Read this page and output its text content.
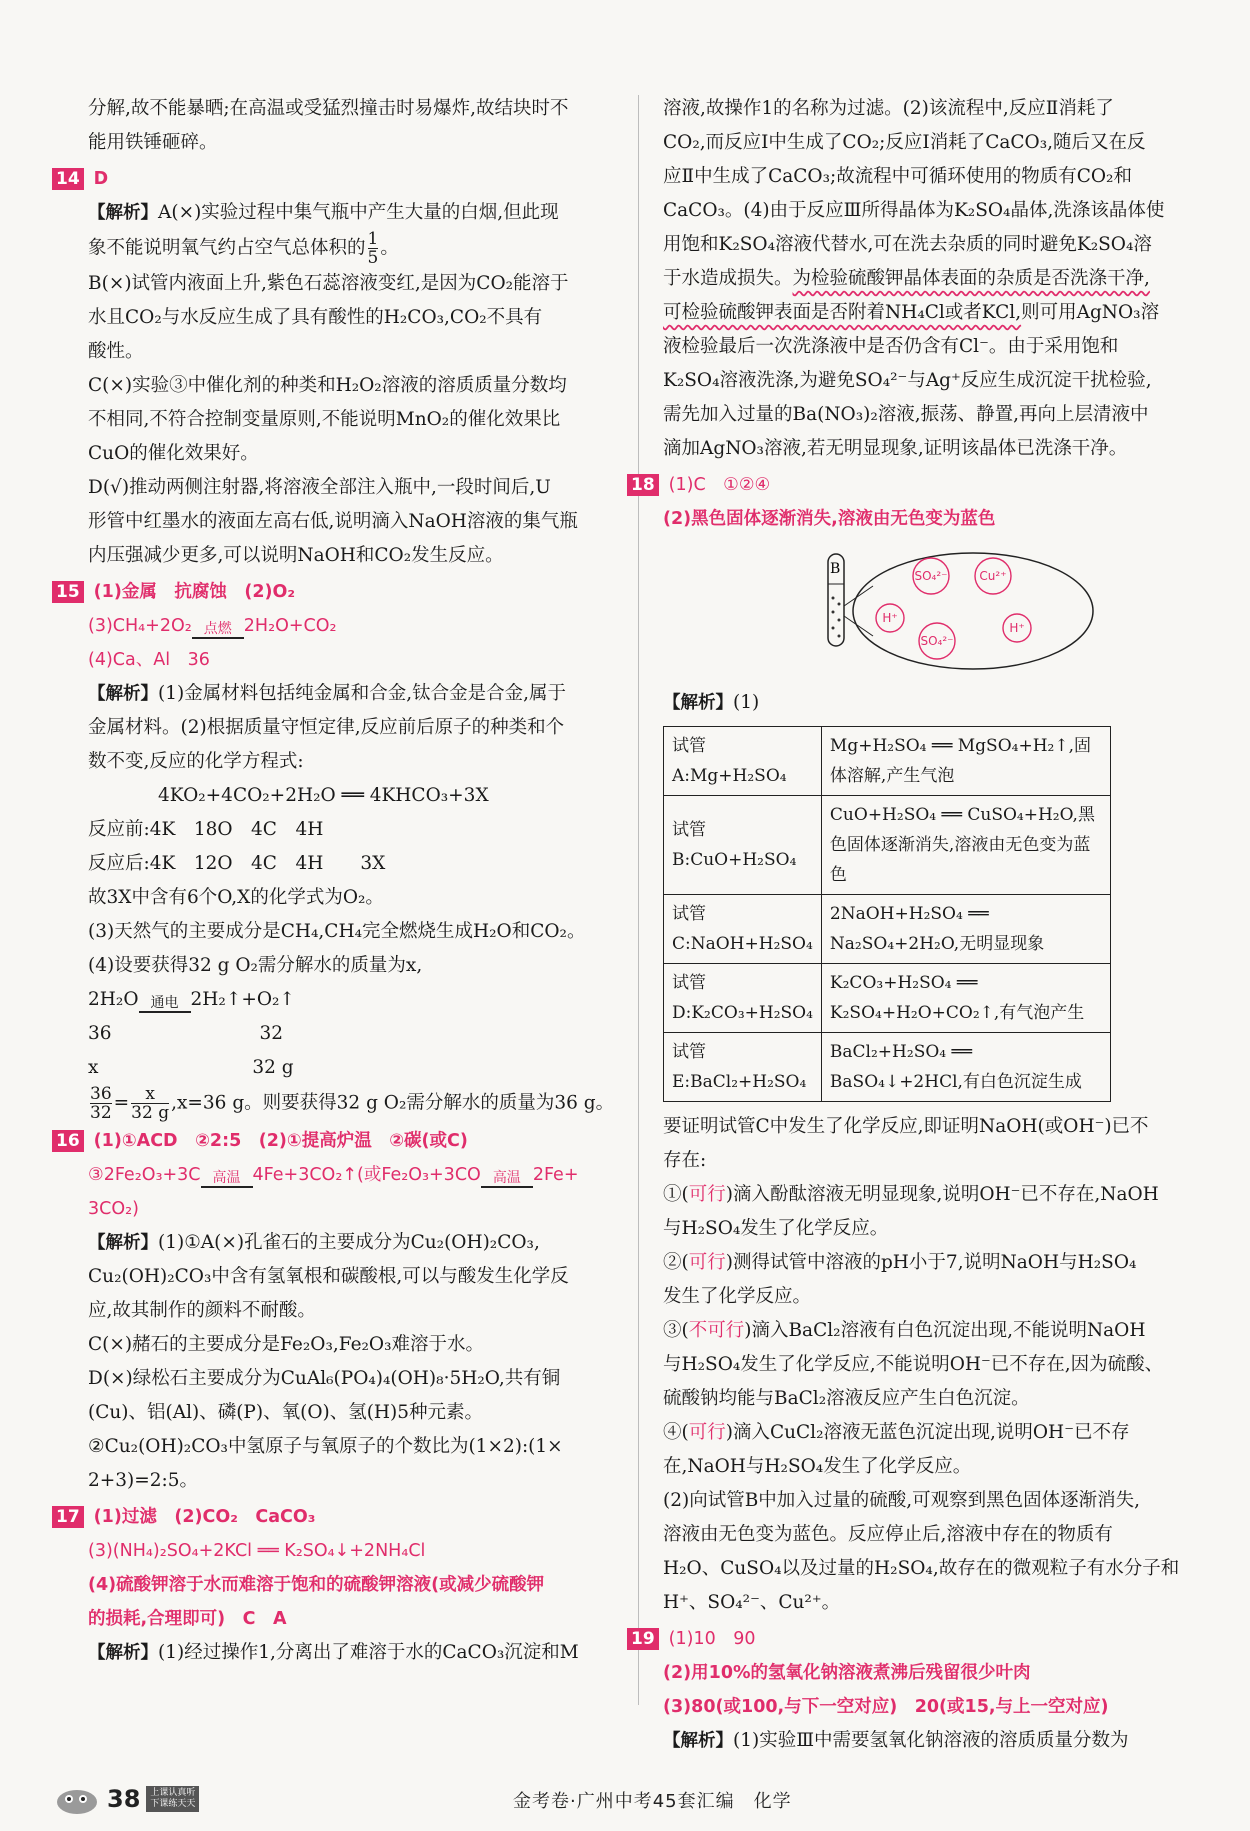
分解,故不能暴晒;在高温或受猛烈撞击时易爆炸,故结块时不

能用铁锤砸碎。

14 D

【解析】A(×)实验过程中集气瓶中产生大量的白烟,但此现

象不能说明氧气约占空气总体积的 $\frac{1}{5}$ 。

B(×)试管内液面上升,紫色石蕊溶液变红,是因为CO₂能溶于

水且CO₂与水反应生成了具有酸性的H₂CO₃,CO₂不具有

酸性。

C(×)实验③中催化剂的种类和H₂O₂溶液的溶质质量分数均

不相同,不符合控制变量原则,不能说明MnO₂的催化效果比

CuO的催化效果好。

D(√)推动两侧注射器,将溶液全部注入瓶中,一段时间后,U

形管中红墨水的液面左高右低,说明滴入NaOH溶液的集气瓶

内压强减少更多,可以说明NaOH和CO₂发生反应。

15 (1)金属　抗腐蚀　(2)O₂

(3)CH₄+2O₂ 点燃 2H₂O+CO₂

(4)Ca、Al　36

【解析】(1)金属材料包括纯金属和合金,钛合金是合金,属于

金属材料。(2)根据质量守恒定律,反应前后原子的种类和个

数不变,反应的化学方程式:

4KO₂+4CO₂+2H₂O ══ 4KHCO₃+3X

反应前:4K　18O　4C　4H

反应后:4K　12O　4C　4H　　3X

故3X中含有6个O,X的化学式为O₂。

(3)天然气的主要成分是CH₄,CH₄完全燃烧生成H₂O和CO₂。

(4)设要获得32 g O₂需分解水的质量为x,

2H₂O 通电 2H₂↑+O₂↑

36　　　　　　　　32

x　　　　　　　　 32 g

$\frac{36}{32} = \frac{x}{32 g} ,x=36$ g。则要获得32 g O₂需分解水的质量为36 g。

16 (1)①ACD　②2:5　(2)①提高炉温　②碳(或C)

③2Fe₂O₃+3C 高温 4Fe+3CO₂↑(或Fe₂O₃+3CO 高温 2Fe+

3CO₂)

【解析】(1)①A(×)孔雀石的主要成分为Cu₂(OH)₂CO₃,

Cu₂(OH)₂CO₃中含有氢氧根和碳酸根,可以与酸发生化学反

应,故其制作的颜料不耐酸。

C(×)赭石的主要成分是Fe₂O₃,Fe₂O₃难溶于水。

D(×)绿松石主要成分为CuAl₆(PO₄)₄(OH)₈·5H₂O,共有铜

(Cu)、铝(Al)、磷(P)、氧(O)、氢(H)5种元素。

②Cu₂(OH)₂CO₃中氢原子与氧原子的个数比为(1×2):(1×

2+3)=2:5。

17 (1)过滤　(2)CO₂　CaCO₃

(3)(NH₄)₂SO₄+2KCl ══ K₂SO₄↓+2NH₄Cl

(4)硫酸钾溶于水而难溶于饱和的硫酸钾溶液(或减少硫酸钾

的损耗,合理即可)　C　A

【解析】(1)经过操作1,分离出了难溶于水的CaCO₃沉淀和M

溶液,故操作1的名称为过滤。(2)该流程中,反应Ⅱ消耗了

CO₂,而反应Ⅰ中生成了CO₂;反应Ⅰ消耗了CaCO₃,随后又在反

应Ⅱ中生成了CaCO₃;故流程中可循环使用的物质有CO₂和

CaCO₃。(4)由于反应Ⅲ所得晶体为K₂SO₄晶体,洗涤该晶体使

用饱和K₂SO₄溶液代替水,可在洗去杂质的同时避免K₂SO₄溶

于水造成损失。为检验硫酸钾晶体表面的杂质是否洗涤干净,

可检验硫酸钾表面是否附着NH₄Cl或者KCl,则可用AgNO₃溶

液检验最后一次洗涤液中是否仍含有Cl⁻。由于采用饱和

K₂SO₄溶液洗涤,为避免SO₄²⁻与Ag⁺反应生成沉淀干扰检验,

需先加入过量的Ba(NO₃)₂溶液,振荡、静置,再向上层清液中

滴加AgNO₃溶液,若无明显现象,证明该晶体已洗涤干净。

18 (1)C　①②④

(2)黑色固体逐渐消失,溶液由无色变为蓝色

B	SO₄²⁻	Cu²⁺
H⁺
SO₄²⁻
H⁺

【解析】(1)

试管A:Mg+H₂SO₄	Mg+H₂SO₄ ══ MgSO₄+H₂↑,固体溶解,产生气泡
试管B:CuO+H₂SO₄	CuO+H₂SO₄ ══ CuSO₄+H₂O,黑色固体逐渐消失,溶液由无色变为蓝色
试管C:NaOH+H₂SO₄	2NaOH+H₂SO₄ ══ Na₂SO₄+2H₂O,无明显现象
试管D:K₂CO₃+H₂SO₄	K₂CO₃+H₂SO₄ ══ K₂SO₄+H₂O+CO₂↑,有气泡产生
试管E:BaCl₂+H₂SO₄	BaCl₂+H₂SO₄ ══ BaSO₄↓+2HCl,有白色沉淀生成

要证明试管C中发生了化学反应,即证明NaOH(或OH⁻)已不

存在:

①(可行)滴入酚酞溶液无明显现象,说明OH⁻已不存在,NaOH

与H₂SO₄发生了化学反应。

②(可行)测得试管中溶液的pH小于7,说明NaOH与H₂SO₄

发生了化学反应。

③(不可行)滴入BaCl₂溶液有白色沉淀出现,不能说明NaOH

与H₂SO₄发生了化学反应,不能说明OH⁻已不存在,因为硫酸、

硫酸钠均能与BaCl₂溶液反应产生白色沉淀。

④(可行)滴入CuCl₂溶液无蓝色沉淀出现,说明OH⁻已不存

在,NaOH与H₂SO₄发生了化学反应。

(2)向试管B中加入过量的硫酸,可观察到黑色固体逐渐消失,

溶液由无色变为蓝色。反应停止后,溶液中存在的物质有

H₂O、CuSO₄以及过量的H₂SO₄,故存在的微观粒子有水分子和

H⁺、SO₄²⁻、Cu²⁺。

19 (1)10　90

(2)用10%的氢氧化钠溶液煮沸后残留很少叶肉

(3)80(或100,与下一空对应)　20(或15,与上一空对应)

【解析】(1)实验Ⅲ中需要氢氧化钠溶液的溶质质量分数为

38	上课认真听
下课练天天	金考卷·广州中考45套汇编　化学
